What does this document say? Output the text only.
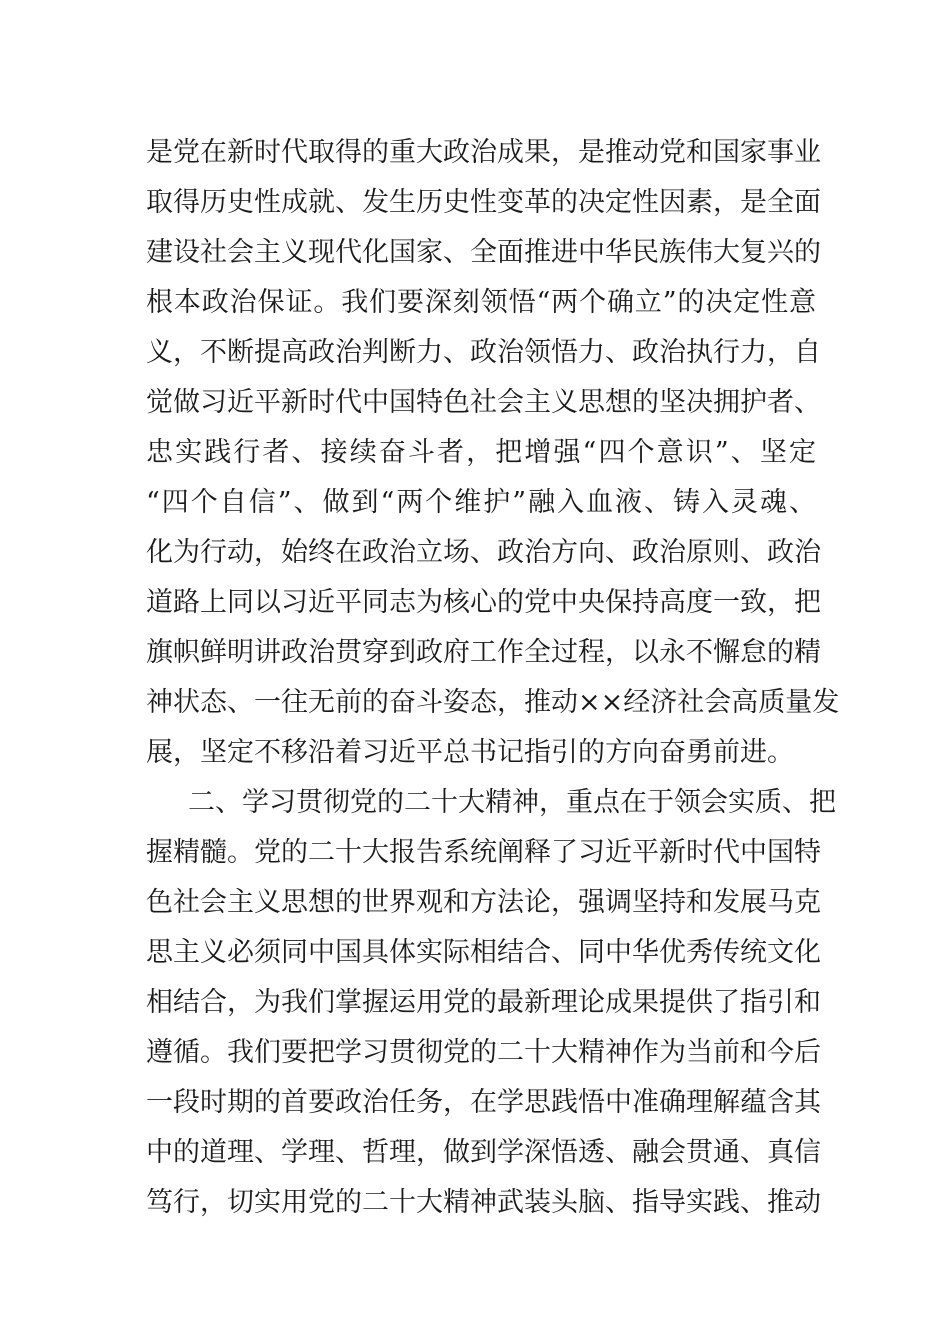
是党在新时代取得的重大政治成果，是推动党和国家事业
取得历史性成就、发生历史性变革的决定性因素，是全面
建设社会主义现代化国家、全面推进中华民族伟大复兴的
根本政治保证。我们要深刻领悟“两个确立”的决定性意
义，不断提高政治判断力、政治领悟力、政治执行力，自
觉做习近平新时代中国特色社会主义思想的坚决拥护者、
忠实践行者、接续奋斗者，把增强“四个意识”、坚定
“四个自信”、做到“两个维护”融入血液、铸入灵魂、
化为行动，始终在政治立场、政治方向、政治原则、政治
道路上同以习近平同志为核心的党中央保持高度一致，把
旗帜鲜明讲政治贯穿到政府工作全过程，以永不懈怠的精
神状态、一往无前的奋斗姿态，推动××经济社会高质量发
展，坚定不移沿着习近平总书记指引的方向奋勇前进。
二、学习贯彻党的二十大精神，重点在于领会实质、把
握精髓。党的二十大报告系统阐释了习近平新时代中国特
色社会主义思想的世界观和方法论，强调坚持和发展马克
思主义必须同中国具体实际相结合、同中华优秀传统文化
相结合，为我们掌握运用党的最新理论成果提供了指引和
遵循。我们要把学习贯彻党的二十大精神作为当前和今后
一段时期的首要政治任务，在学思践悟中准确理解蕴含其
中的道理、学理、哲理，做到学深悟透、融会贯通、真信
笃行，切实用党的二十大精神武装头脑、指导实践、推动
